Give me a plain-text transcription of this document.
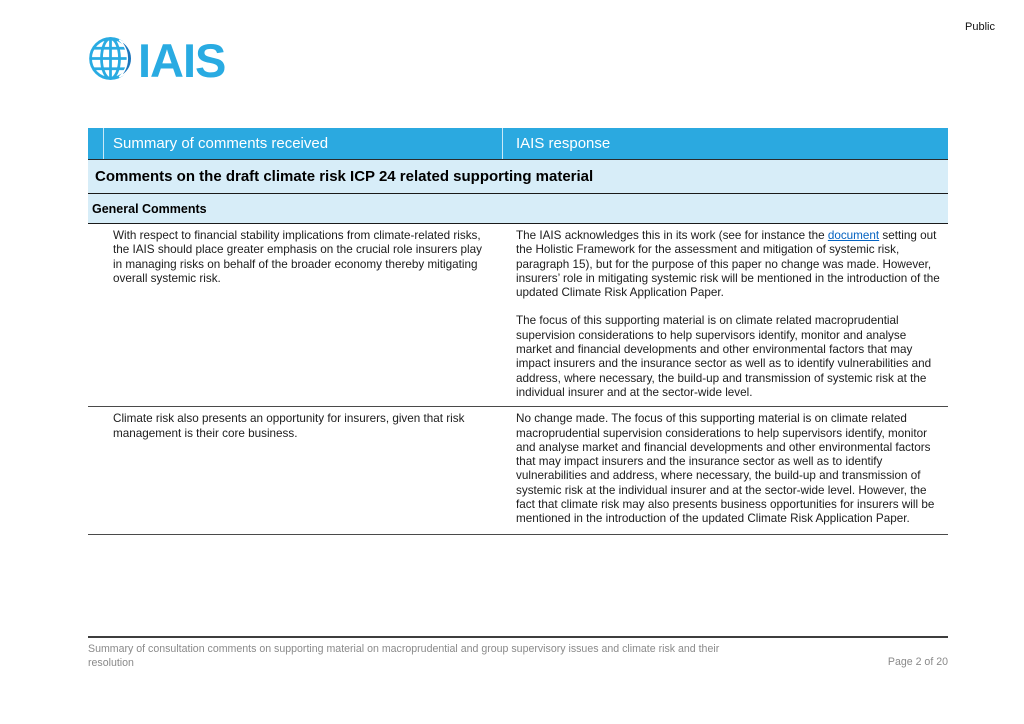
Public
IAIS
Summary of comments received	IAIS response
Comments on the draft climate risk ICP 24 related supporting material
General Comments
With respect to financial stability implications from climate-related risks, the IAIS should place greater emphasis on the crucial role insurers play in managing risks on behalf of the broader economy thereby mitigating overall systemic risk.

The IAIS acknowledges this in its work (see for instance the document setting out the Holistic Framework for the assessment and mitigation of systemic risk, paragraph 15), but for the purpose of this paper no change was made. However, insurers’ role in mitigating systemic risk will be mentioned in the introduction of the updated Climate Risk Application Paper.

The focus of this supporting material is on climate related macroprudential supervision considerations to help supervisors identify, monitor and analyse market and financial developments and other environmental factors that may impact insurers and the insurance sector as well as to identify vulnerabilities and address, where necessary, the build-up and transmission of systemic risk at the individual insurer and at the sector-wide level.

Climate risk also presents an opportunity for insurers, given that risk management is their core business.

No change made. The focus of this supporting material is on climate related macroprudential supervision considerations to help supervisors identify, monitor and analyse market and financial developments and other environmental factors that may impact insurers and the insurance sector as well as to identify vulnerabilities and address, where necessary, the build-up and transmission of systemic risk at the individual insurer and at the sector-wide level. However, the fact that climate risk may also presents business opportunities for insurers will be mentioned in the introduction of the updated Climate Risk Application Paper.

Summary of consultation comments on supporting material on macroprudential and group supervisory issues and climate risk and their
resolution	Page 2 of 20
